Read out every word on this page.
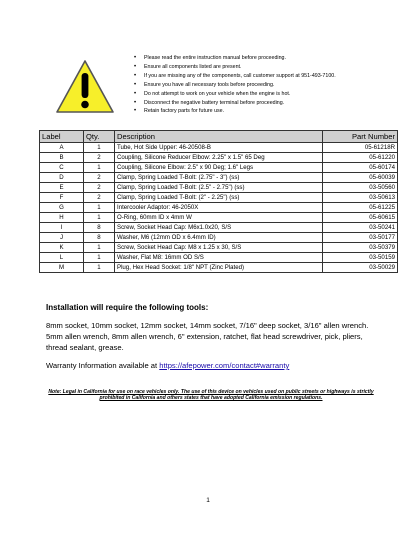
• Please read the entire instruction manual before proceeding.
• Ensure all components listed are present.
• If you are missing any of the components, call customer support at 951-493-7100.
• Ensure you have all necessary tools before proceeding.
• Do not attempt to work on your vehicle when the engine is hot.
• Disconnect the negative battery terminal before proceeding.
• Retain factory parts for future use.
Label	Qty.	Description	Part Number
A	1	Tube, Hot Side Upper: 46-20508-B	05-61218R
B	2	Coupling, Silicone Reducer Elbow: 2.25" x 1.5" 65 Deg	05-61220
C	1	Coupling, Silicone Elbow: 2.5" x 90 Deg; 1.6" Legs	05-60174
D	2	Clamp, Spring Loaded T-Bolt: (2.75" - 3") (ss)	05-60039
E	2	Clamp, Spring Loaded T-Bolt: (2.5" - 2.75") (ss)	03-50560
F	2	Clamp, Spring Loaded T-Bolt: (2" - 2.25") (ss)	03-50613
G	1	Intercooler Adaptor: 46-2050X	05-61225
H	1	O-Ring, 60mm ID x 4mm W	05-60615
I	8	Screw, Socket Head Cap: M6x1.0x20, S/S	03-50241
J	8	Washer, M6 (12mm OD x 6.4mm ID)	03-50177
K	1	Screw, Socket Head Cap: M8 x 1.25 x 30, S/S	03-50379
L	1	Washer, Flat M8: 16mm OD S/S	03-50159
M	1	Plug, Hex Head Socket: 1/8" NPT (Zinc Plated)	03-50029

Installation will require the following tools:

8mm socket, 10mm socket, 12mm socket, 14mm socket, 7/16" deep socket, 3/16" allen wrench. 5mm allen wrench, 8mm allen wrench, 6" extension, ratchet, flat head screwdriver, pick, pliers, thread sealant, grease.

Warranty Information available at https://afepower.com/contact#warranty

Note: Legal in California for use on race vehicles only. The use of this device on vehicles used on public streets or highways is strictly prohibited in California and others states that have adopted California emission regulations.

1
